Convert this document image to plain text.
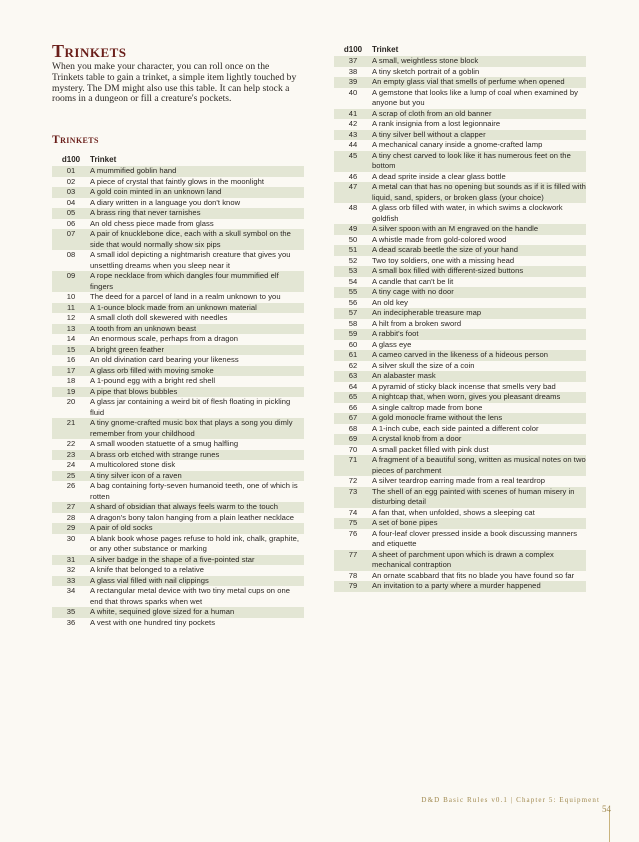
Trinkets

When you make your character, you can roll once on the Trinkets table to gain a trinket, a simple item lightly touched by mystery. The DM might also use this table. It can help stock a rooms in a dungeon or fill a creature's pockets.

Trinkets
d100	Trinket
01	A mummified goblin hand
02	A piece of crystal that faintly glows in the moonlight
03	A gold coin minted in an unknown land
04	A diary written in a language you don't know
05	A brass ring that never tarnishes
06	An old chess piece made from glass
07	A pair of knucklebone dice, each with a skull symbol on the side that would normally show six pips
08	A small idol depicting a nightmarish creature that gives you unsettling dreams when you sleep near it
09	A rope necklace from which dangles four mummified elf fingers
10	The deed for a parcel of land in a realm unknown to you
11	A 1-ounce block made from an unknown material
12	A small cloth doll skewered with needles
13	A tooth from an unknown beast
14	An enormous scale, perhaps from a dragon
15	A bright green feather
16	An old divination card bearing your likeness
17	A glass orb filled with moving smoke
18	A 1-pound egg with a bright red shell
19	A pipe that blows bubbles
20	A glass jar containing a weird bit of flesh floating in pickling fluid
21	A tiny gnome-crafted music box that plays a song you dimly remember from your childhood
22	A small wooden statuette of a smug halfling
23	A brass orb etched with strange runes
24	A multicolored stone disk
25	A tiny silver icon of a raven
26	A bag containing forty-seven humanoid teeth, one of which is rotten
27	A shard of obsidian that always feels warm to the touch
28	A dragon's bony talon hanging from a plain leather necklace
29	A pair of old socks
30	A blank book whose pages refuse to hold ink, chalk, graphite, or any other substance or marking
31	A silver badge in the shape of a five-pointed star
32	A knife that belonged to a relative
33	A glass vial filled with nail clippings
34	A rectangular metal device with two tiny metal cups on one end that throws sparks when wet
35	A white, sequined glove sized for a human
36	A vest with one hundred tiny pockets
d100	Trinket
37	A small, weightless stone block
38	A tiny sketch portrait of a goblin
39	An empty glass vial that smells of perfume when opened
40	A gemstone that looks like a lump of coal when examined by anyone but you
41	A scrap of cloth from an old banner
42	A rank insignia from a lost legionnaire
43	A tiny silver bell without a clapper
44	A mechanical canary inside a gnome-crafted lamp
45	A tiny chest carved to look like it has numerous feet on the bottom
46	A dead sprite inside a clear glass bottle
47	A metal can that has no opening but sounds as if it is filled with liquid, sand, spiders, or broken glass (your choice)
48	A glass orb filled with water, in which swims a clockwork goldfish
49	A silver spoon with an M engraved on the handle
50	A whistle made from gold-colored wood
51	A dead scarab beetle the size of your hand
52	Two toy soldiers, one with a missing head
53	A small box filled with different-sized buttons
54	A candle that can't be lit
55	A tiny cage with no door
56	An old key
57	An indecipherable treasure map
58	A hilt from a broken sword
59	A rabbit's foot
60	A glass eye
61	A cameo carved in the likeness of a hideous person
62	A silver skull the size of a coin
63	An alabaster mask
64	A pyramid of sticky black incense that smells very bad
65	A nightcap that, when worn, gives you pleasant dreams
66	A single caltrop made from bone
67	A gold monocle frame without the lens
68	A 1-inch cube, each side painted a different color
69	A crystal knob from a door
70	A small packet filled with pink dust
71	A fragment of a beautiful song, written as musical notes on two pieces of parchment
72	A silver teardrop earring made from a real teardrop
73	The shell of an egg painted with scenes of human misery in disturbing detail
74	A fan that, when unfolded, shows a sleeping cat
75	A set of bone pipes
76	A four-leaf clover pressed inside a book discussing manners and etiquette
77	A sheet of parchment upon which is drawn a complex mechanical contraption
78	An ornate scabbard that fits no blade you have found so far
79	An invitation to a party where a murder happened
D&D Basic Rules v0.1 | Chapter 5: Equipment
54
